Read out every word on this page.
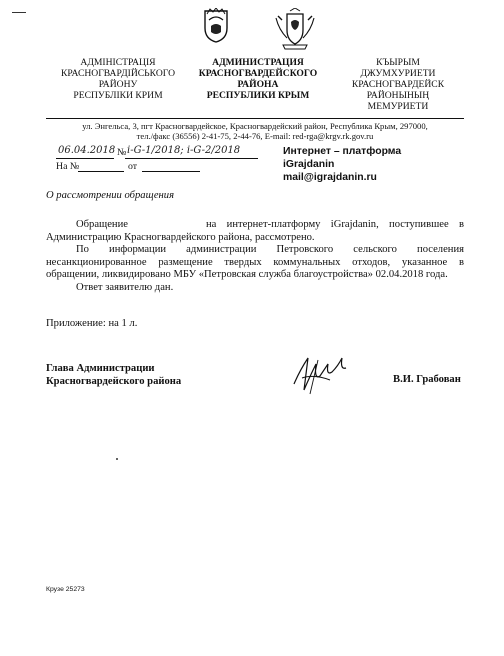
АДМІНІСТРАЦІЯ
КРАСНОГВАРДІЙСЬКОГО
РАЙОНУ
РЕСПУБЛІКИ КРИМ
АДМИНИСТРАЦИЯ
КРАСНОГВАРДЕЙСКОГО
РАЙОНА
РЕСПУБЛИКИ КРЫМ
КЪЫРЫМ
ДЖУМХУРИЕТИ
КРАСНОГВАРДЕЙСК
РАЙОНЫНЫҢ
МЕМУРИЕТИ
ул. Энгельса, 3, пгт Красногвардейское, Красногвардейский район, Республика Крым, 297000,
тел./факс (36556) 2-41-75, 2-44-76, E-mail: red-rga@krgv.rk.gov.ru
06.04.2018 № i-G-1/2018; i-G-2/2018
На №	от
Интернет – платформа
iGrajdanin
mail@igrajdanin.ru
О рассмотрении обращения
Обращение	на интернет-платформу iGrajdanin, поступившее в Администрацию Красногвардейского района, рассмотрено.
По информации администрации Петровского сельского поселения несанкционированное размещение твердых коммунальных отходов, указанное в обращении, ликвидировано МБУ «Петровская служба благоустройства» 02.04.2018 года.
Ответ заявителю дан.
Приложение: на 1 л.
Глава Администрации
Красногвардейского района	В.И. Грабован
Крузе 25273
